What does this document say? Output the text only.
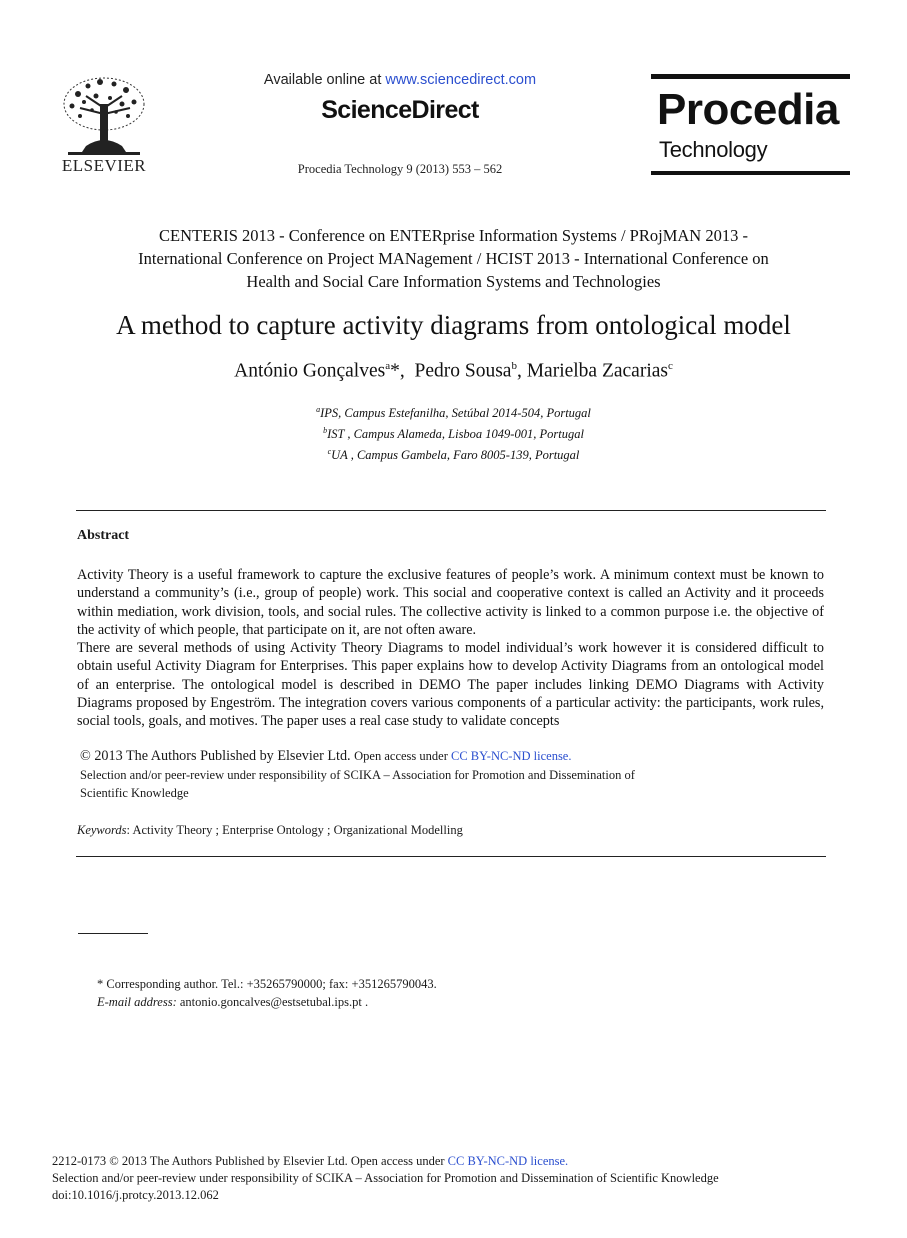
ELSEVIER
Available online at www.sciencedirect.com
ScienceDirect
Procedia Technology 9 (2013) 553 – 562
Procedia
Technology
CENTERIS 2013 - Conference on ENTERprise Information Systems / PRojMAN 2013 -
International Conference on Project MANagement / HCIST 2013 - International Conference on
Health and Social Care Information Systems and Technologies
A method to capture activity diagrams from ontological model
António Gonçalves$^a$*,  Pedro Sousa$^b$, Marielba Zacarias$^c$
$^a$IPS, Campus Estefanilha, Setúbal 2014-504, Portugal
$^b$IST , Campus Alameda, Lisboa 1049-001, Portugal
$^c$UA , Campus Gambela, Faro 8005-139, Portugal
Abstract

Activity Theory is a useful framework to capture the exclusive features of people’s work. A minimum context must be known to understand a community’s (i.e., group of people) work. This social and cooperative context is called an Activity and it proceeds within mediation, work division, tools, and social rules. The collective activity is linked to a common purpose i.e. the objective of the activity of which people, that participate on it, are not often aware.

There are several methods of using Activity Theory Diagrams to model individual’s work however it is considered difficult to obtain useful Activity Diagram for Enterprises. This paper explains how to develop Activity Diagrams from an ontological model of an enterprise. The ontological model is described in DEMO The paper includes linking DEMO Diagrams with Activity Diagrams proposed by Engeström. The integration covers various components of a particular activity: the participants, work rules, social tools, goals, and motives. The paper uses a real case study to validate concepts

© 2013 The Authors Published by Elsevier Ltd. Open access under CC BY-NC-ND license.
Selection and/or peer-review under responsibility of SCIKA – Association for Promotion and Dissemination of
Scientific Knowledge
Keywords: Activity Theory ; Enterprise Ontology ; Organizational Modelling
* Corresponding author. Tel.: +35265790000; fax: +351265790043.
E-mail address: antonio.goncalves@estsetubal.ips.pt .
2212-0173 © 2013 The Authors Published by Elsevier Ltd. Open access under CC BY-NC-ND license.
Selection and/or peer-review under responsibility of SCIKA – Association for Promotion and Dissemination of Scientific Knowledge
doi:10.1016/j.protcy.2013.12.062
